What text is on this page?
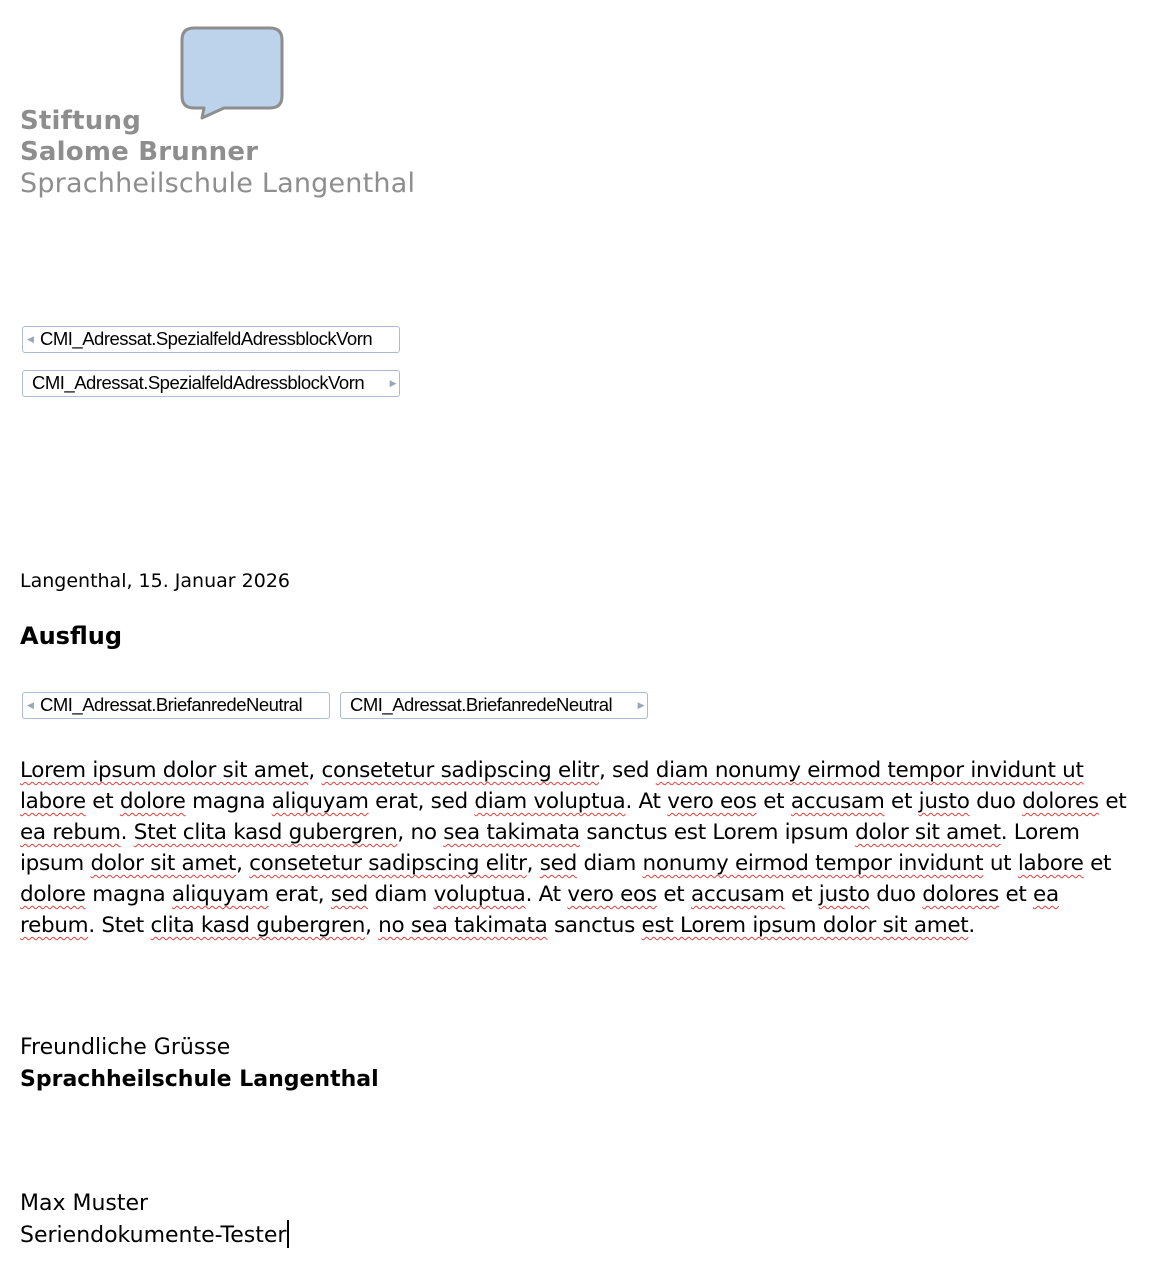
Stiftung
Salome Brunner
Sprachheilschule Langenthal
◀ CMI_Adressat.SpezialfeldAdressblockVorn
CMI_Adressat.SpezialfeldAdressblockVorn	▶
Langenthal, 15. Januar 2026
Ausflug
◀ CMI_Adressat.BriefanredeNeutral	CMI_Adressat.BriefanredeNeutral	▶
Lorem ipsum dolor sit amet, consetetur sadipscing elitr, sed diam nonumy eirmod tempor invidunt ut labore et dolore magna aliquyam erat, sed diam voluptua. At vero eos et accusam et justo duo dolores et ea rebum. Stet clita kasd gubergren, no sea takimata sanctus est Lorem ipsum dolor sit amet. Lorem ipsum dolor sit amet, consetetur sadipscing elitr, sed diam nonumy eirmod tempor invidunt ut labore et dolore magna aliquyam erat, sed diam voluptua. At vero eos et accusam et justo duo dolores et ea rebum. Stet clita kasd gubergren, no sea takimata sanctus est Lorem ipsum dolor sit amet.
Freundliche Grüsse
Sprachheilschule Langenthal
Max Muster
Seriendokumente-Tester
